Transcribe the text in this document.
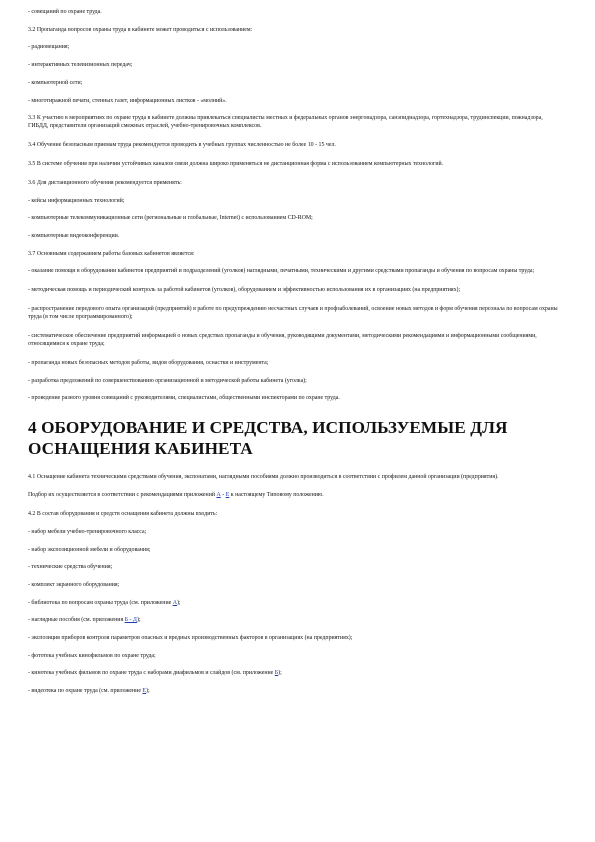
- совещаний по охране труда.
3.2 Пропаганда вопросов охраны труда в кабинете может проводиться с использованием:
- радиовещания;
- интерактивных телевизионных передач;
- компьютерной сети;
- многотиражной печати, стенных газет, информационных листков - «молний».
3.3 К участию в мероприятиях по охране труда в кабинете должны привлекаться специалисты местных и федеральных органов энергонадзора, санэпиднадзора, гортехнадзора, трудинспекции, пожнадзора, ГИБДД, представители организаций смежных отраслей, учебно-тренировочных комплексов.
3.4 Обучение безопасным приемам труда рекомендуется проводить в учебных группах численностью не более 10 - 15 чел.
3.5 В системе обучения при наличии устойчивых каналов связи должна широко применяться не дистанционная форма с использованием компьютерных технологий.
3.6 Для дистанционного обучения рекомендуется применять:
- кейсы информационных технологий;
- компьютерные телекоммуникационные сети (региональные и глобальные, Internet) с использованием CD-ROM;
- компьютерные видеоконференции.
3.7 Основными содержанием работы базовых кабинетов является:
- оказание помощи в оборудовании кабинетов предприятий и подразделений (уголков) наглядными, печатными, техническими и другими средствами пропаганды и обучения по вопросам охраны труда;
- методическая помощь и периодический контроль за работой кабинетов (уголков), оборудованием и эффективностью использования их в организациях (на предприятиях);
- распространение передового опыта организаций (предприятий) в работе по предупреждению несчастных случаев и профзаболеваний, освоение новых методов и форм обучения персонала по вопросам охраны труда (в том числе программированного);
- систематическое обеспечение предприятий информацией о новых средствах пропаганды и обучения, руководящими документами, методическими рекомендациями и информационными сообщениями, относящимися к охране труда;
- пропаганда новых безопасных методов работы, видов оборудования, оснастки и инструмента;
- разработка предложений по совершенствованию организационной и методической работы кабинета (уголка);
- проведение разного уровня совещаний с руководителями, специалистами, общественными инспекторами по охране труда.
4 ОБОРУДОВАНИЕ И СРЕДСТВА, ИСПОЛЬЗУЕМЫЕ ДЛЯ
ОСНАЩЕНИЯ КАБИНЕТА
4.1 Оснащение кабинета техническими средствами обучения, экспонатами, наглядными пособиями должно производиться в соответствии с профилем данной организации (предприятия).
Подбор их осуществляется в соответствии с рекомендациями приложений А - Е к настоящему Типовому положению.
4.2 В состав оборудования и средств оснащения кабинета должны входить:
- набор мебели учебно-тренировочного класса;
- набор экспозиционной мебели и оборудования;
- технические средства обучения;
- комплект экранного оборудования;
- библиотека по вопросам охраны труда (см. приложение А);
- наглядные пособия (см. приложения Б - Д);
- экспозиция приборов контроля параметров опасных и вредных производственных факторов в организациях (на предприятиях);
- фототека учебных кинофильмов по охране труда;
- кинотека учебных фильмов по охране труда с наборами диафильмов и слайдов (см. приложение Б);
- видеотека по охране труда (см. приложение Е);
